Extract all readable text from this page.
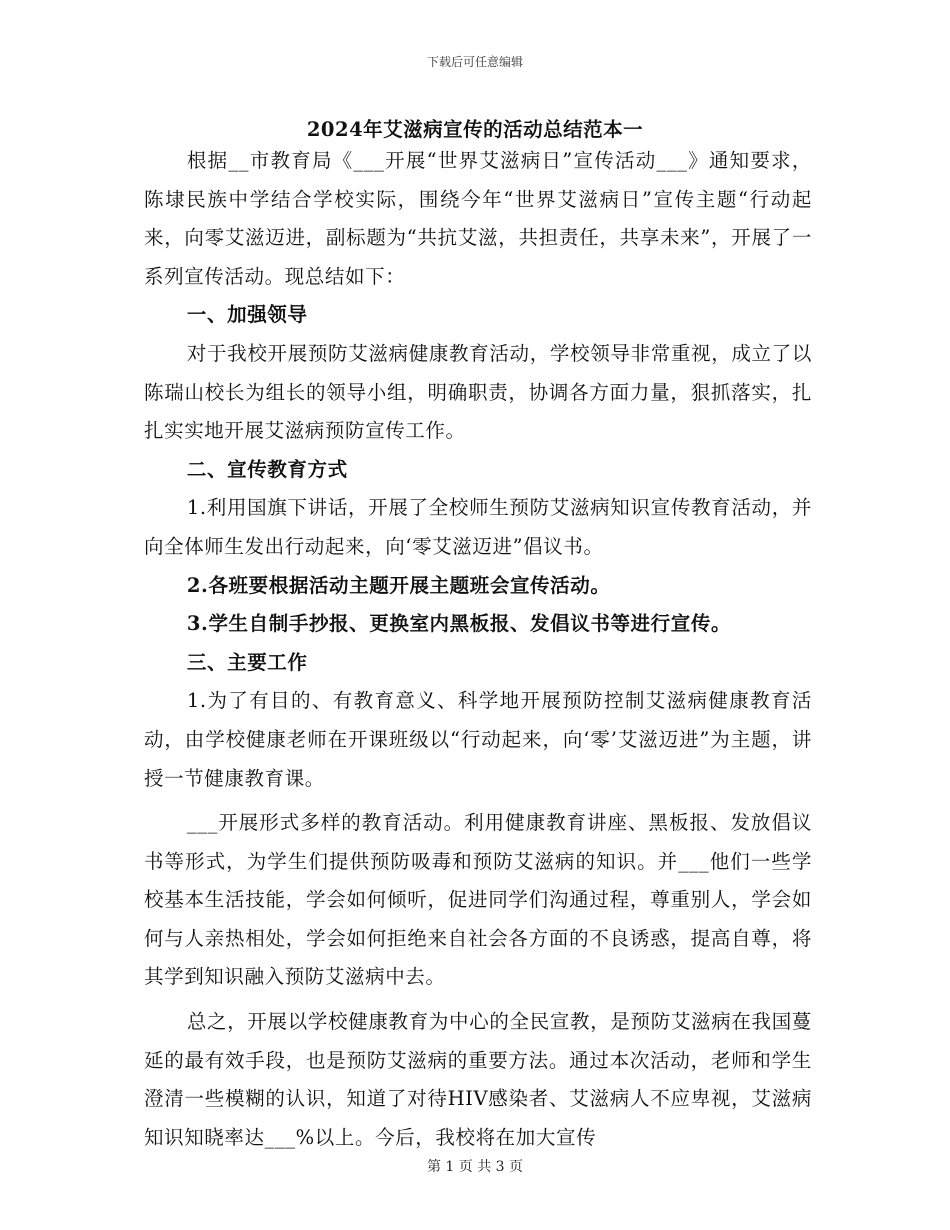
下载后可任意编辑
2024年艾滋病宣传的活动总结范本一

根据__市教育局《___开展“世界艾滋病日”宣传活动___》通知要求，陈埭民族中学结合学校实际，围绕今年“世界艾滋病日”宣传主题“行动起来，向零艾滋迈进，副标题为“共抗艾滋，共担责任，共享未来”，开展了一系列宣传活动。现总结如下：

一、加强领导

对于我校开展预防艾滋病健康教育活动，学校领导非常重视，成立了以陈瑞山校长为组长的领导小组，明确职责，协调各方面力量，狠抓落实，扎扎实实地开展艾滋病预防宣传工作。

二、宣传教育方式

1.利用国旗下讲话，开展了全校师生预防艾滋病知识宣传教育活动，并向全体师生发出行动起来，向‘零艾滋迈进”倡议书。

2.各班要根据活动主题开展主题班会宣传活动。

3.学生自制手抄报、更换室内黑板报、发倡议书等进行宣传。

三、主要工作

1.为了有目的、有教育意义、科学地开展预防控制艾滋病健康教育活动，由学校健康老师在开课班级以“行动起来，向‘零’艾滋迈进”为主题，讲授一节健康教育课。

___开展形式多样的教育活动。利用健康教育讲座、黑板报、发放倡议书等形式，为学生们提供预防吸毒和预防艾滋病的知识。并___他们一些学校基本生活技能，学会如何倾听，促进同学们沟通过程，尊重别人，学会如何与人亲热相处，学会如何拒绝来自社会各方面的不良诱惑，提高自尊，将其学到知识融入预防艾滋病中去。

总之，开展以学校健康教育为中心的全民宣教，是预防艾滋病在我国蔓延的最有效手段，也是预防艾滋病的重要方法。通过本次活动，老师和学生澄清一些模糊的认识，知道了对待HIV感染者、艾滋病人不应卑视，艾滋病知识知晓率达___%以上。今后，我校将在加大宣传

第 1 页 共 3 页
